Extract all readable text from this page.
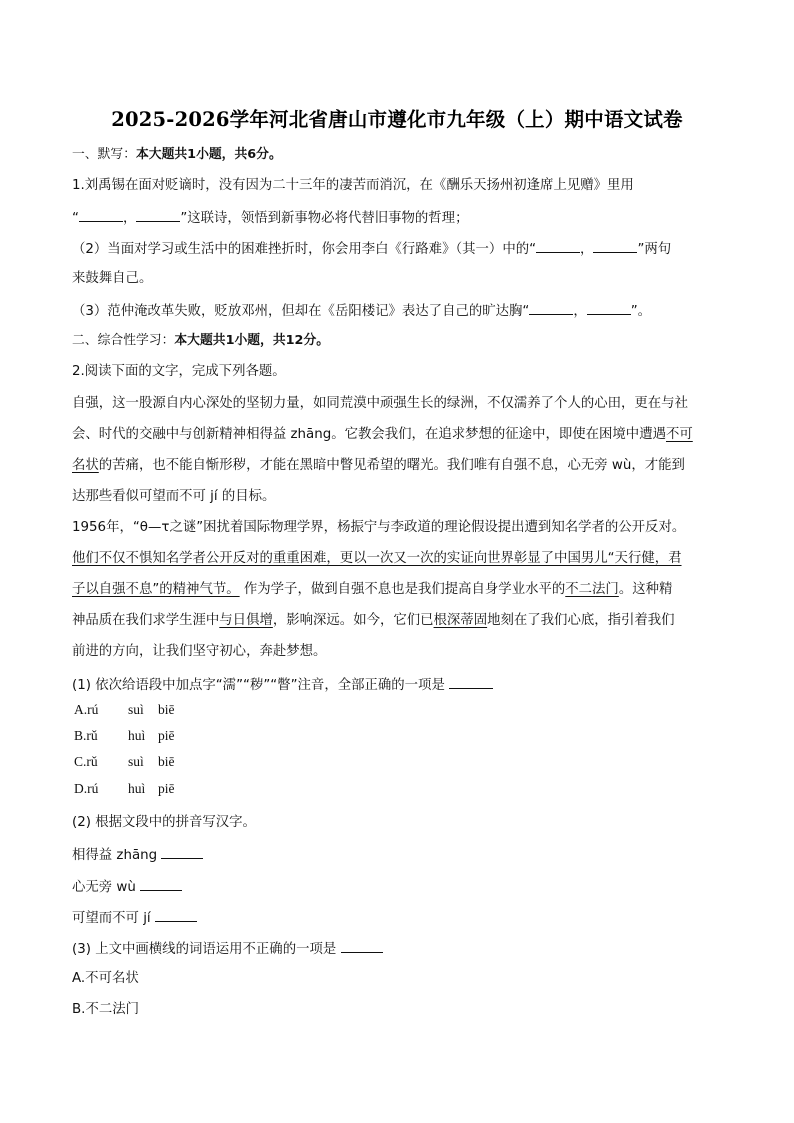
2025-2026学年河北省唐山市遵化市九年级（上）期中语文试卷
一、默写：本大题共1小题，共6分。
1.刘禹锡在面对贬谪时，没有因为二十三年的凄苦而消沉，在《酬乐天扬州初逢席上见赠》里用
“	，	”这联诗，领悟到新事物必将代替旧事物的哲理；
（2）当面对学习或生活中的困难挫折时，你会用李白《行路难》（其一）中的“	，	”两句
来鼓舞自己。
（3）范仲淹改革失败，贬放邓州，但却在《岳阳楼记》表达了自己的旷达胸“	，	”。
二、综合性学习：本大题共1小题，共12分。
2.阅读下面的文字，完成下列各题。
自强，这一股源自内心深处的坚韧力量，如同荒漠中顽强生长的绿洲，不仅濡养了个人的心田，更在与社
会、时代的交融中与创新精神相得益 zhāng。它教会我们，在追求梦想的征途中，即使在困境中遭遇不可
名状的苦痛，也不能自惭形秽，才能在黑暗中瞥见希望的曙光。我们唯有自强不息，心无旁 wù，才能到
达那些看似可望而不可 jí 的目标。
1956年，“θ—τ之谜”困扰着国际物理学界，杨振宁与李政道的理论假设提出遭到知名学者的公开反对。
他们不仅不惧知名学者公开反对的重重困难，更以一次又一次的实证向世界彰显了中国男儿“天行健，君
子以自强不息”的精神气节。 作为学子，做到自强不息也是我们提高自身学业水平的不二法门。这种精
神品质在我们求学生涯中与日俱增，影响深远。如今，它们已根深蒂固地刻在了我们心底，指引着我们
前进的方向，让我们坚守初心，奔赴梦想。
(1) 依次给语段中加点字“濡”“秽”“瞥”注音，全部正确的一项是
A.rú suì biē
B.rǔ huì piē
C.rǔ suì biē
D.rú huì piē
(2) 根据文段中的拼音写汉字。
相得益 zhāng
心无旁 wù
可望而不可 jí
(3) 上文中画横线的词语运用不正确的一项是
A.不可名状
B.不二法门
